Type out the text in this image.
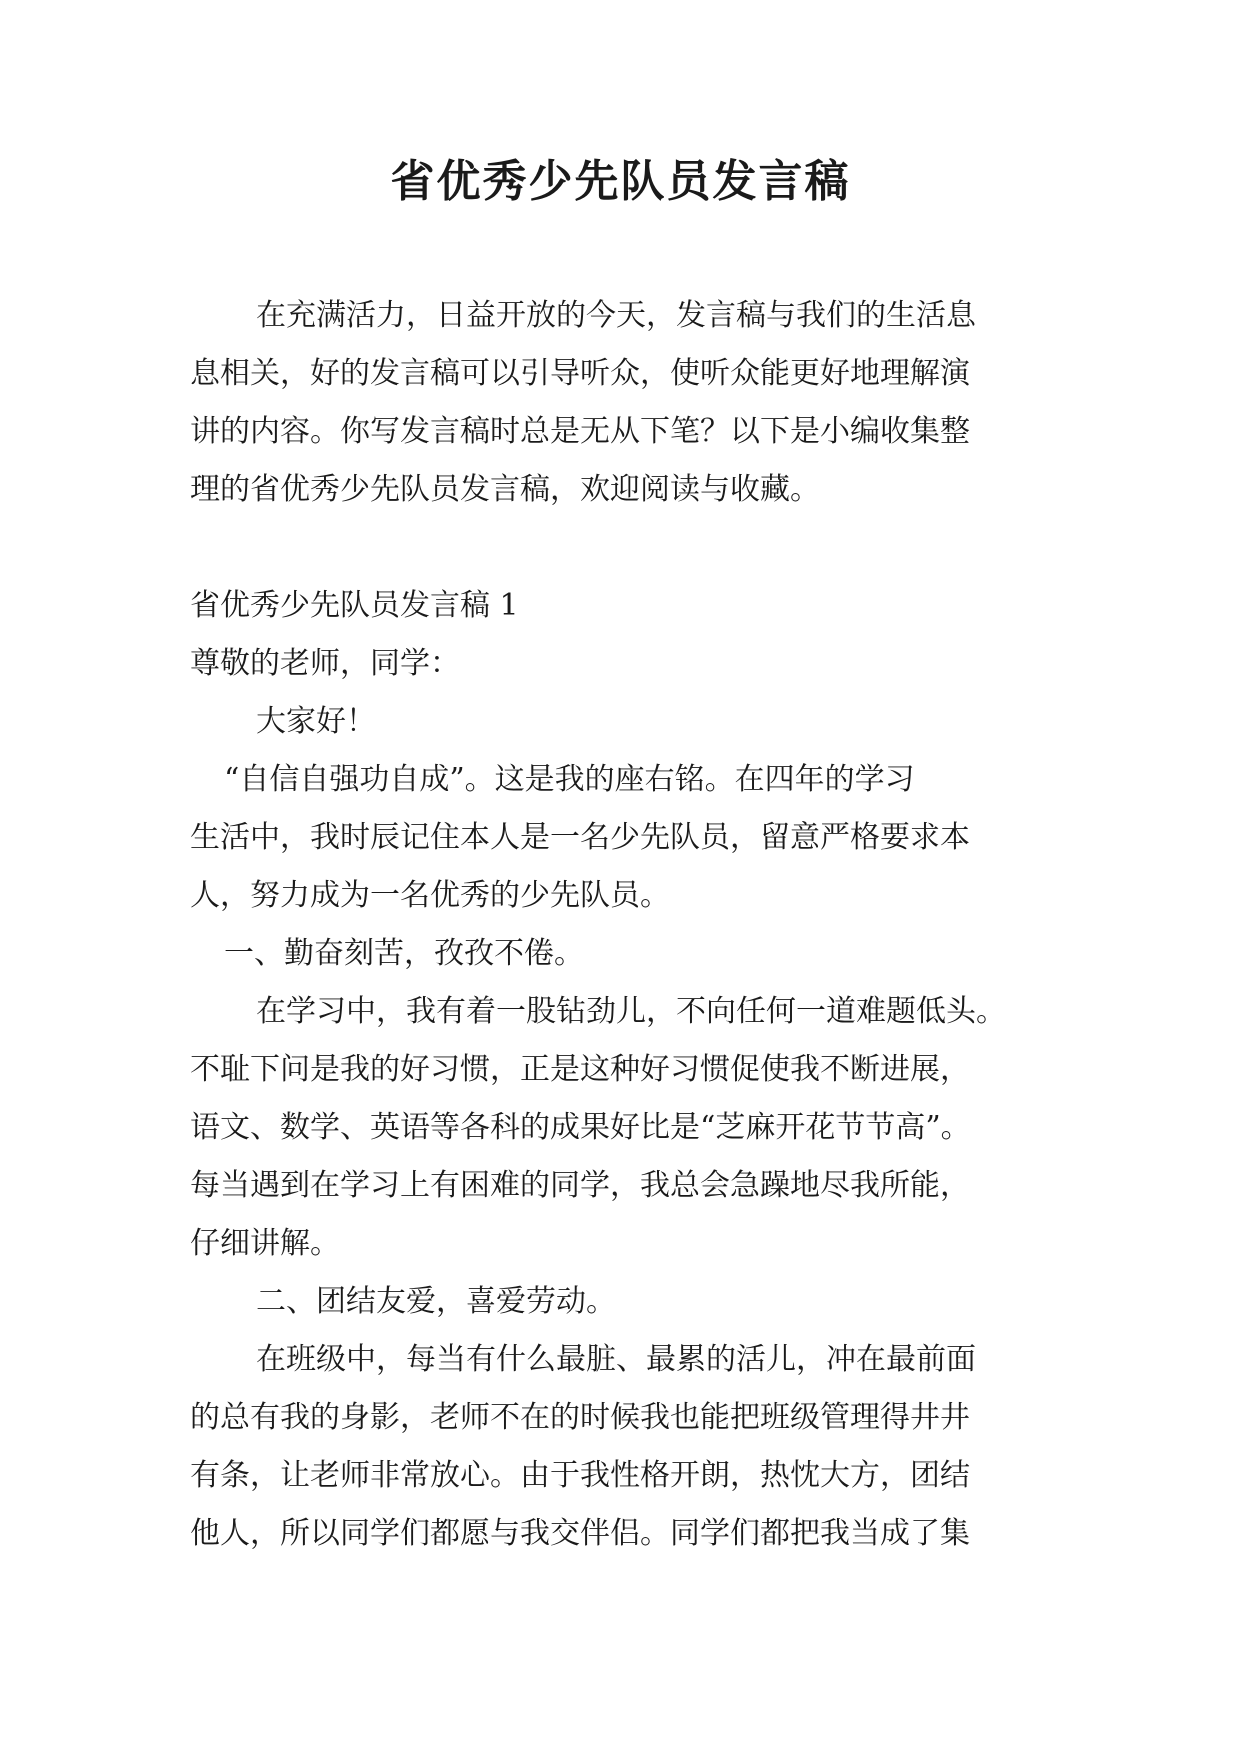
省优秀少先队员发言稿
在充满活力，日益开放的今天，发言稿与我们的生活息
息相关，好的发言稿可以引导听众，使听众能更好地理解演
讲的内容。你写发言稿时总是无从下笔？以下是小编收集整
理的省优秀少先队员发言稿，欢迎阅读与收藏。
省优秀少先队员发言稿 1
尊敬的老师，同学：
大家好！
“自信自强功自成”。这是我的座右铭。在四年的学习
生活中，我时辰记住本人是一名少先队员，留意严格要求本
人，努力成为一名优秀的少先队员。
一、勤奋刻苦，孜孜不倦。
在学习中，我有着一股钻劲儿，不向任何一道难题低头。
不耻下问是我的好习惯，正是这种好习惯促使我不断进展，
语文、数学、英语等各科的成果好比是“芝麻开花节节高”。
每当遇到在学习上有困难的同学，我总会急躁地尽我所能，
仔细讲解。
二、团结友爱，喜爱劳动。
在班级中，每当有什么最脏、最累的活儿，冲在最前面
的总有我的身影，老师不在的时候我也能把班级管理得井井
有条，让老师非常放心。由于我性格开朗，热忱大方，团结
他人，所以同学们都愿与我交伴侣。同学们都把我当成了集
